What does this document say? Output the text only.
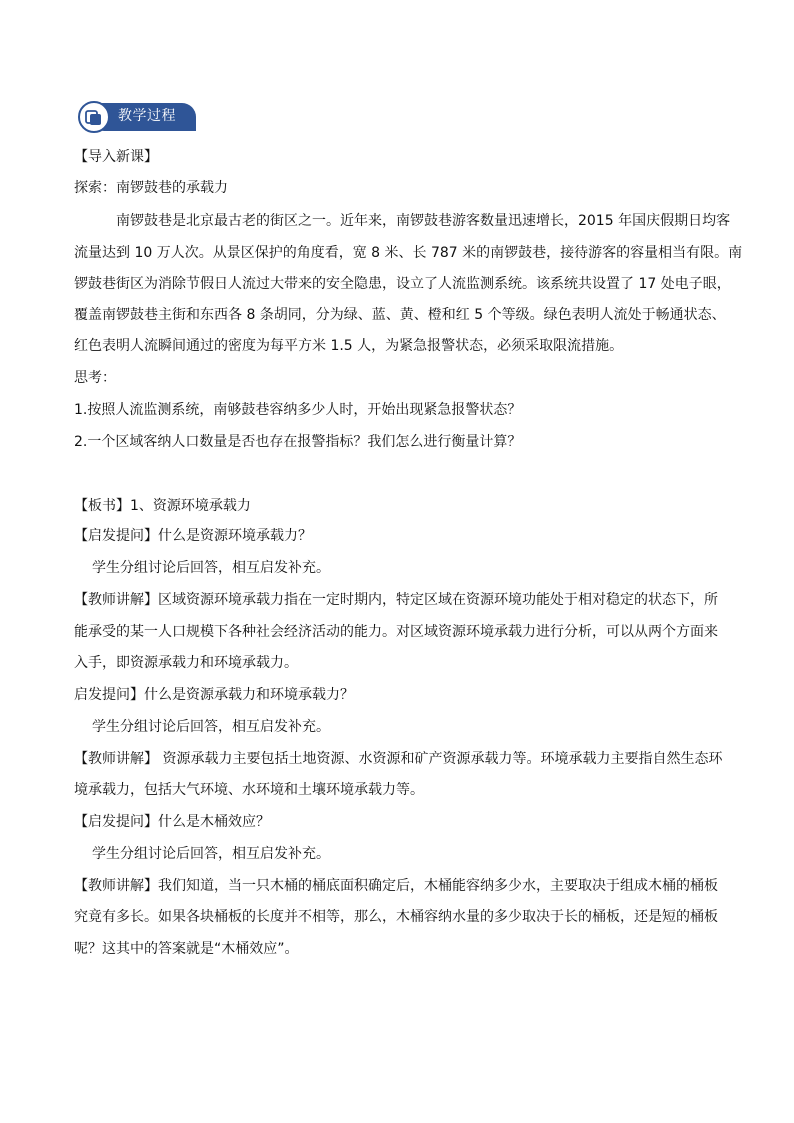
教学过程
【导入新课】
探索：南锣鼓巷的承载力
南锣鼓巷是北京最古老的街区之一。近年来，南锣鼓巷游客数量迅速增长，2015 年国庆假期日均客
流量达到 10 万人次。从景区保护的角度看，宽 8 米、长 787 米的南锣鼓巷，接待游客的容量相当有限。南
锣鼓巷街区为消除节假日人流过大带来的安全隐患，设立了人流监测系统。该系统共设置了 17 处电子眼，
覆盖南锣鼓巷主街和东西各 8 条胡同，分为绿、蓝、黄、橙和红 5 个等级。绿色表明人流处于畅通状态、
红色表明人流瞬间通过的密度为每平方米 1.5 人，为紧急报警状态，必须采取限流措施。
思考：
1.按照人流监测系统，南够鼓巷容纳多少人时，开始出现紧急报警状态？
2.一个区域客纳人口数量是否也存在报警指标？我们怎么进行衡量计算？
【板书】1、资源环境承载力
【启发提问】什么是资源环境承载力？
学生分组讨论后回答，相互启发补充。
【教师讲解】区域资源环境承载力指在一定时期内，特定区域在资源环境功能处于相对稳定的状态下，所
能承受的某一人口规模下各种社会经济活动的能力。对区域资源环境承载力进行分析，可以从两个方面来
入手，即资源承载力和环境承载力。
启发提问】什么是资源承载力和环境承载力？
学生分组讨论后回答，相互启发补充。
【教师讲解】 资源承载力主要包括土地资源、水资源和矿产资源承载力等。环境承载力主要指自然生态环
境承载力，包括大气环境、水环境和土壤环境承载力等。
【启发提问】什么是木桶效应？
学生分组讨论后回答，相互启发补充。
【教师讲解】我们知道，当一只木桶的桶底面积确定后，木桶能容纳多少水，主要取决于组成木桶的桶板
究竟有多长。如果各块桶板的长度并不相等，那么，木桶容纳水量的多少取决于长的桶板，还是短的桶板
呢？这其中的答案就是“木桶效应”。
